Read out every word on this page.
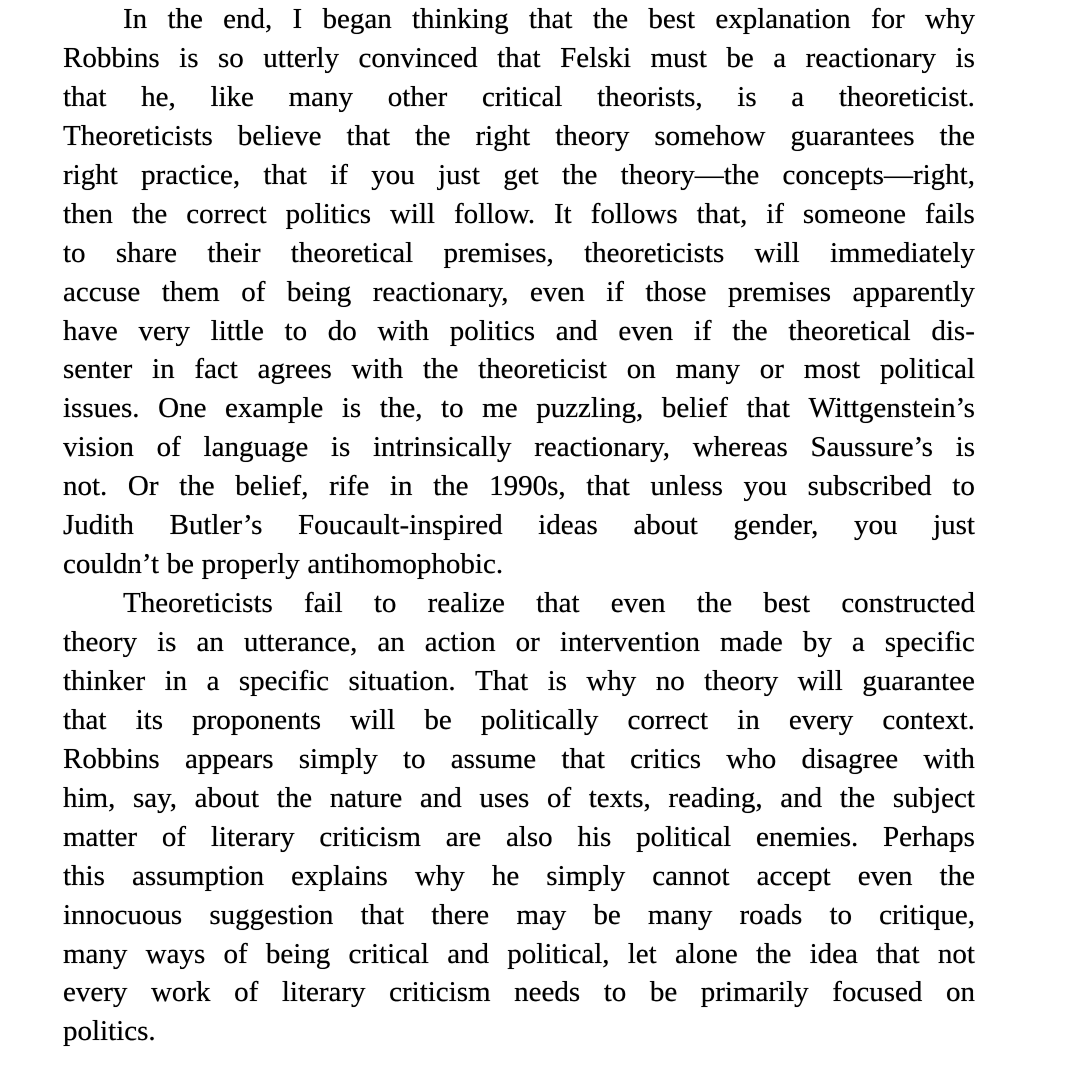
In the end, I began thinking that the best explanation for why
Robbins is so utterly convinced that Felski must be a reactionary is
that he, like many other critical theorists, is a theoreticist.
Theoreticists believe that the right theory somehow guarantees the
right practice, that if you just get the theory—the concepts—right,
then the correct politics will follow. It follows that, if someone fails
to share their theoretical premises, theoreticists will immediately
accuse them of being reactionary, even if those premises apparently
have very little to do with politics and even if the theoretical dis-
senter in fact agrees with the theoreticist on many or most political
issues. One example is the, to me puzzling, belief that Wittgenstein’s
vision of language is intrinsically reactionary, whereas Saussure’s is
not. Or the belief, rife in the 1990s, that unless you subscribed to
Judith Butler’s Foucault-inspired ideas about gender, you just
couldn’t be properly antihomophobic.
Theoreticists fail to realize that even the best constructed
theory is an utterance, an action or intervention made by a specific
thinker in a specific situation. That is why no theory will guarantee
that its proponents will be politically correct in every context.
Robbins appears simply to assume that critics who disagree with
him, say, about the nature and uses of texts, reading, and the subject
matter of literary criticism are also his political enemies. Perhaps
this assumption explains why he simply cannot accept even the
innocuous suggestion that there may be many roads to critique,
many ways of being critical and political, let alone the idea that not
every work of literary criticism needs to be primarily focused on
politics.
